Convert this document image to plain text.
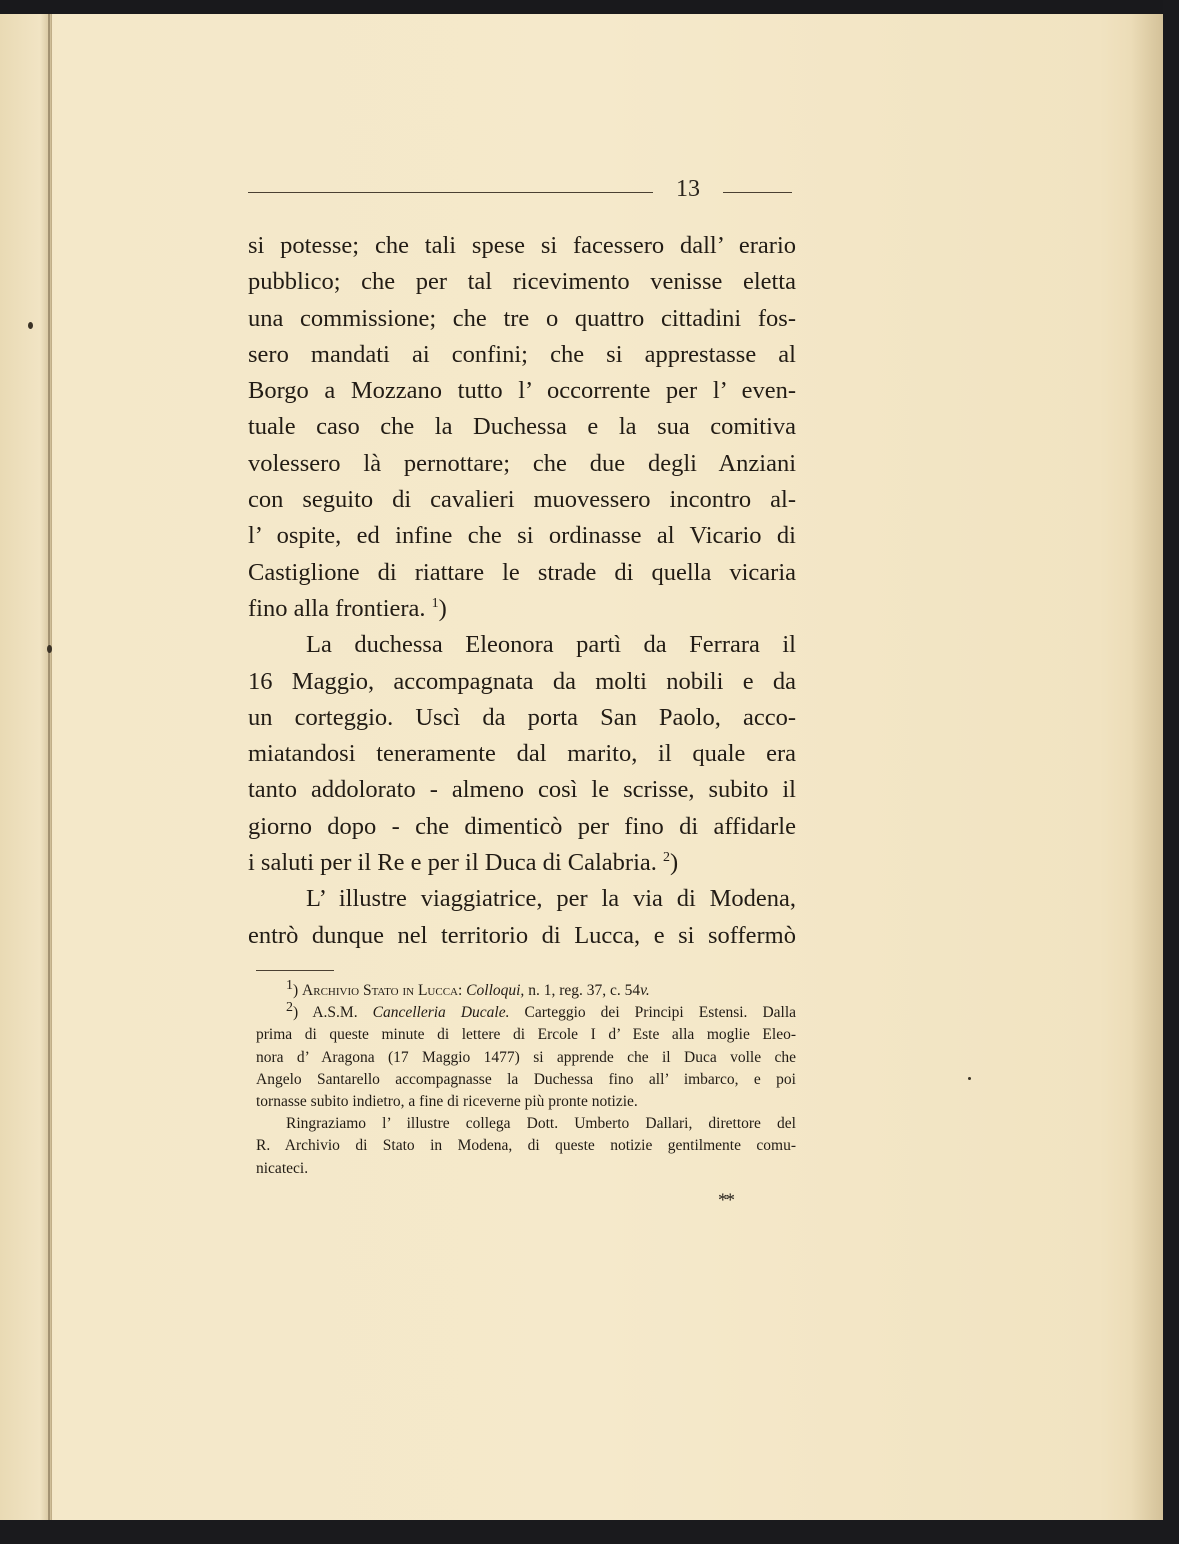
13
si potesse; che tali spese si facessero dall’ erario
pubblico; che per tal ricevimento venisse eletta
una commissione; che tre o quattro cittadini fos-
sero mandati ai confini; che si apprestasse al
Borgo a Mozzano tutto l’ occorrente per l’ even-
tuale caso che la Duchessa e la sua comitiva
volessero là pernottare; che due degli Anziani
con seguito di cavalieri muovessero incontro al-
l’ ospite, ed infine che si ordinasse al Vicario di
Castiglione di riattare le strade di quella vicaria
fino alla frontiera. $^1$)
La duchessa Eleonora partì da Ferrara il
16 Maggio, accompagnata da molti nobili e da
un corteggio. Uscì da porta San Paolo, acco-
miatandosi teneramente dal marito, il quale era
tanto addolorato - almeno così le scrisse, subito il
giorno dopo - che dimenticò per fino di affidarle
i saluti per il Re e per il Duca di Calabria. $^2$)
L’ illustre viaggiatrice, per la via di Modena,
entrò dunque nel territorio di Lucca, e si soffermò
$^1$) Archivio Stato in Lucca: Colloqui, n. 1, reg. 37, c. 54v.
$^2$) A.S.M. Cancelleria Ducale. Carteggio dei Principi Estensi. Dalla
prima di queste minute di lettere di Ercole I d’ Este alla moglie Eleo-
nora d’ Aragona (17 Maggio 1477) si apprende che il Duca volle che
Angelo Santarello accompagnasse la Duchessa fino all’ imbarco, e poi
tornasse subito indietro, a fine di riceverne più pronte notizie.
Ringraziamo l’ illustre collega Dott. Umberto Dallari, direttore del
R. Archivio di Stato in Modena, di queste notizie gentilmente comu-
nicateci.
**
